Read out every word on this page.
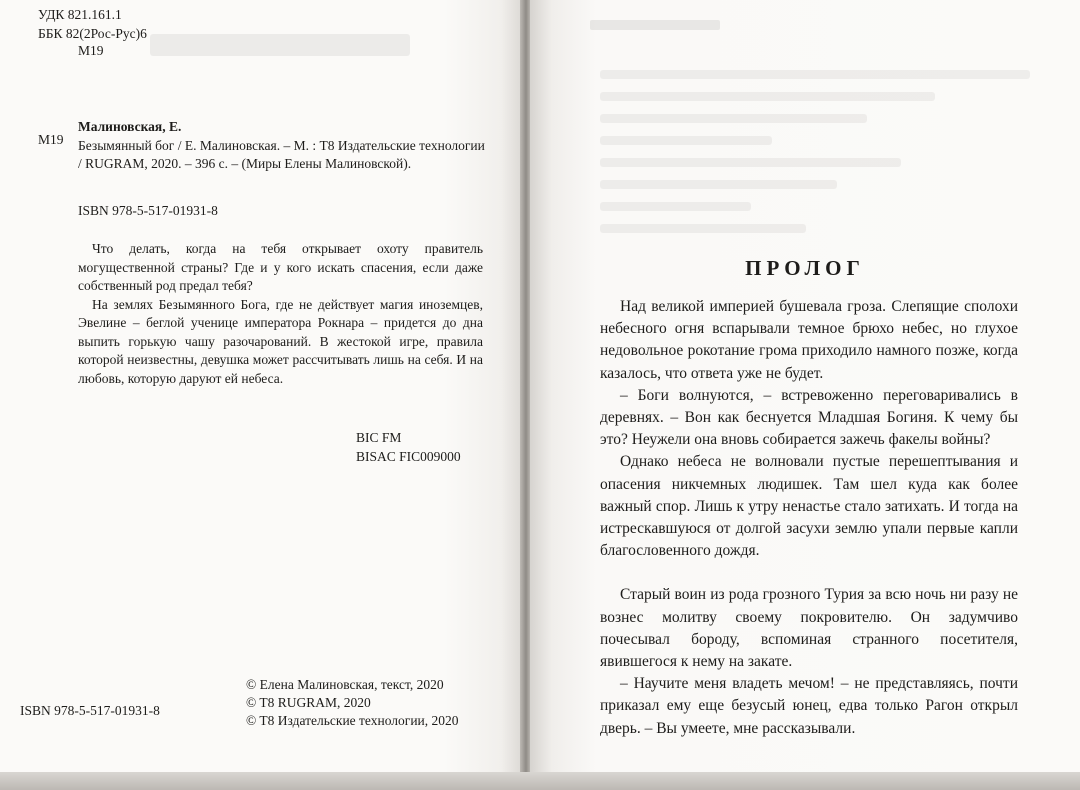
УДК 821.161.1
ББК 82(2Рос-Рус)6
М19
М19
Малиновская, Е.
Безымянный бог / Е. Малиновская. – М. : Т8 Издательские технологии / RUGRAM, 2020. – 396 с. – (Миры Елены Малиновской).
ISBN 978-5-517-01931-8

Что делать, когда на тебя открывает охоту правитель могущественной страны? Где и у кого искать спасения, если даже собственный род предал тебя?

На землях Безымянного Бога, где не действует магия иноземцев, Эвелине – беглой ученице императора Рокнара – придется до дна выпить горькую чашу разочарований. В жестокой игре, правила которой неизвестны, девушка может рассчитывать лишь на себя. И на любовь, которую даруют ей небеса.

BIC FM
BISAC FIC009000
© Елена Малиновская, текст, 2020
© T8 RUGRAM, 2020
© T8 Издательские технологии, 2020
ISBN 978-5-517-01931-8
ПРОЛОГ

Над великой империей бушевала гроза. Слепящие сполохи небесного огня вспарывали темное брюхо небес, но глухое недовольное рокотание грома приходило намного позже, когда казалось, что ответа уже не будет.

– Боги волнуются, – встревоженно переговаривались в деревнях. – Вон как беснуется Младшая Богиня. К чему бы это? Неужели она вновь собирается зажечь факелы войны?

Однако небеса не волновали пустые перешептывания и опасения никчемных людишек. Там шел куда как более важный спор. Лишь к утру ненастье стало затихать. И тогда на истрескавшуюся от долгой засухи землю упали первые капли благословенного дождя.

Старый воин из рода грозного Турия за всю ночь ни разу не вознес молитву своему покровителю. Он задумчиво почесывал бороду, вспоминая странного посетителя, явившегося к нему на закате.

– Научите меня владеть мечом! – не представляясь, почти приказал ему еще безусый юнец, едва только Рагон открыл дверь. – Вы умеете, мне рассказывали.
